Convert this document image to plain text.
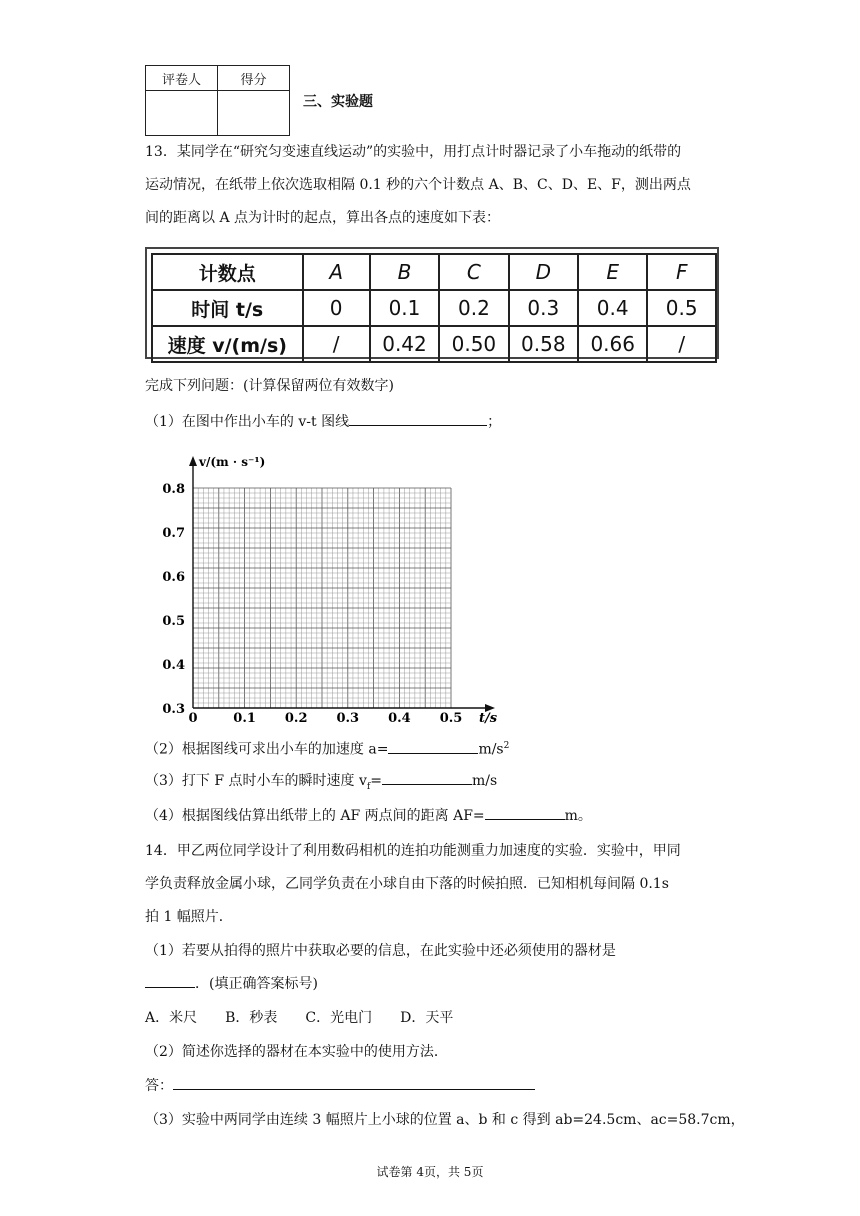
评卷人	得分

三、实验题
13．某同学在“研究匀变速直线运动”的实验中，用打点计时器记录了小车拖动的纸带的
运动情况，在纸带上依次选取相隔 0.1 秒的六个计数点 A、B、C、D、E、F，测出两点
间的距离以 A 点为计时的起点，算出各点的速度如下表：
计数点	A	B	C	D	E	F
时间 t/s	0	0.1	0.2	0.3	0.4	0.5
速度 v/(m/s)	/	0.42	0.50	0.58	0.66	/
完成下列问题：(计算保留两位有效数字)
（1）在图中作出小车的 v-t 图线	；
0	0.1 0.2 0.3 0.4 0.5
0.3
0.4
0.5
0.6
0.7
0.8
v/(m · s⁻¹)
t/s
（2）根据图线可求出小车的加速度 a=	$m/s^2$
（3）打下 F 点时小车的瞬时速度 $v_f=$	m/s
（4）根据图线估算出纸带上的 AF 两点间的距离 AF=	m。
14．甲乙两位同学设计了利用数码相机的连拍功能测重力加速度的实验．实验中，甲同
学负责释放金属小球，乙同学负责在小球自由下落的时候拍照．已知相机每间隔 0.1s
拍 1 幅照片．
（1）若要从拍得的照片中获取必要的信息，在此实验中还必须使用的器材是
．(填正确答案标号)
A．米尺　　B．秒表　　C．光电门　　D．天平
（2）简述你选择的器材在本实验中的使用方法．
答：
（3）实验中两同学由连续 3 幅照片上小球的位置 a、b 和 c 得到 ab=24.5cm、ac=58.7cm，
试卷第 4页，共 5页
